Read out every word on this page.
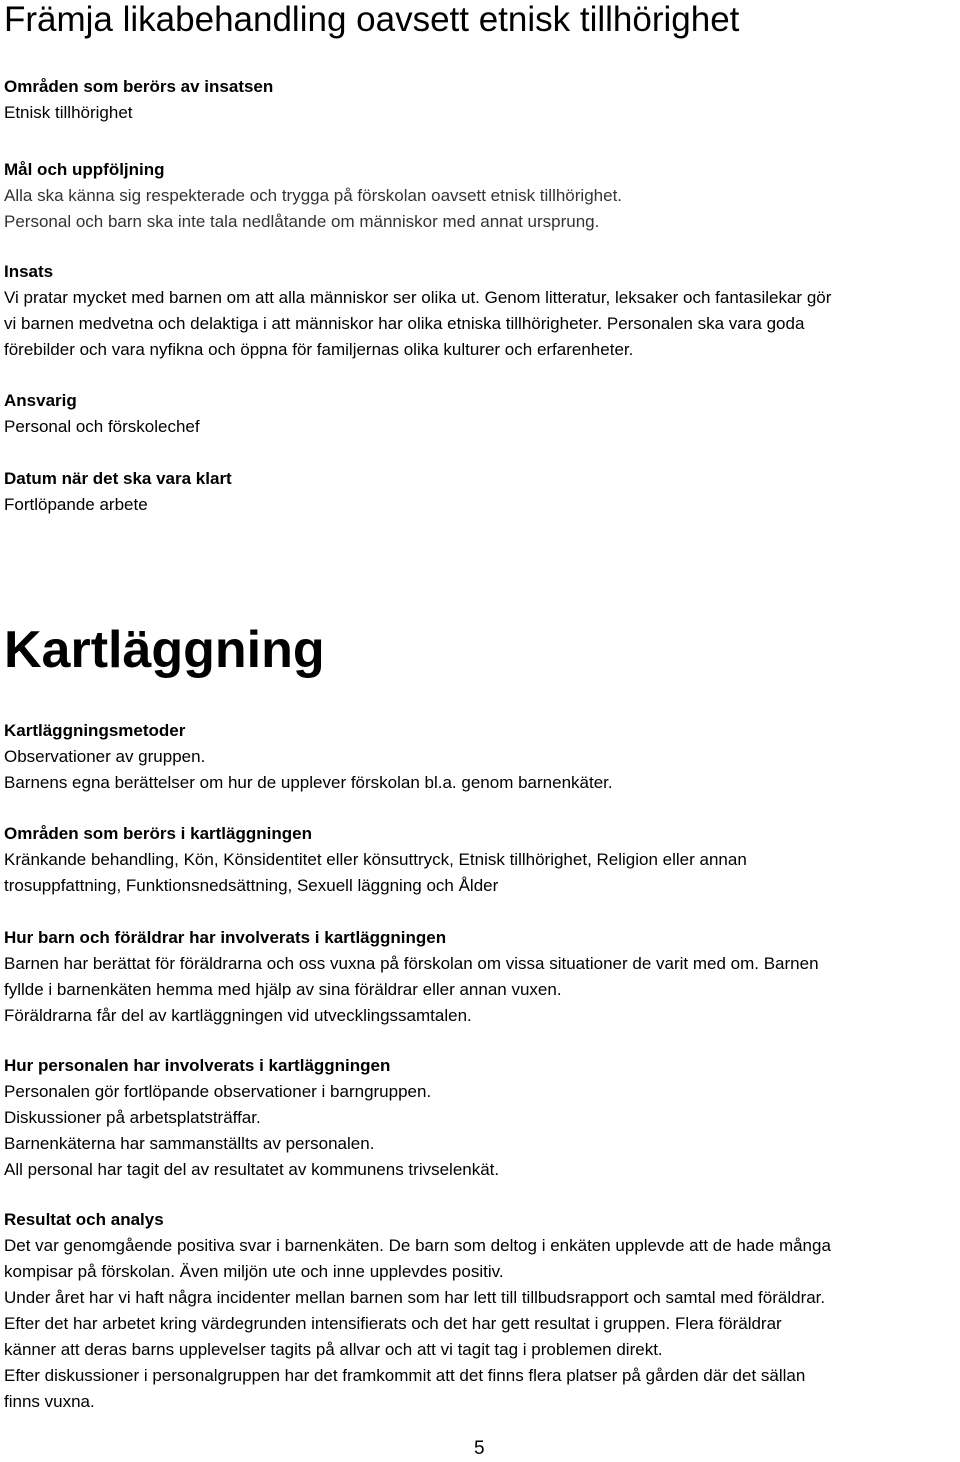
Främja likabehandling oavsett etnisk tillhörighet
Områden som berörs av insatsen
Etnisk tillhörighet
Mål och uppföljning
Alla ska känna sig respekterade och trygga på förskolan oavsett etnisk tillhörighet.
Personal och barn ska inte tala nedlåtande om människor med annat ursprung.
Insats
Vi pratar mycket med barnen om att alla människor ser olika ut. Genom litteratur, leksaker och fantasilekar gör
vi barnen medvetna och delaktiga i att människor har olika etniska tillhörigheter. Personalen ska vara goda
förebilder och vara nyfikna och öppna för familjernas olika kulturer och erfarenheter.
Ansvarig
Personal och förskolechef
Datum när det ska vara klart
Fortlöpande arbete
Kartläggning
Kartläggningsmetoder
Observationer av gruppen.
Barnens egna berättelser om hur de upplever förskolan bl.a. genom barnenkäter.
Områden som berörs i kartläggningen
Kränkande behandling, Kön, Könsidentitet eller könsuttryck, Etnisk tillhörighet, Religion eller annan
trosuppfattning, Funktionsnedsättning, Sexuell läggning och Ålder
Hur barn och föräldrar har involverats i kartläggningen
Barnen har berättat för föräldrarna och oss vuxna på förskolan om vissa situationer de varit med om. Barnen
fyllde i barnenkäten hemma med hjälp av sina föräldrar eller annan vuxen.
Föräldrarna får del av kartläggningen vid utvecklingssamtalen.
Hur personalen har involverats i kartläggningen
Personalen gör fortlöpande observationer i barngruppen.
Diskussioner på arbetsplatsträffar.
Barnenkäterna har sammanställts av personalen.
All personal har tagit del av resultatet av kommunens trivselenkät.
Resultat och analys
Det var genomgående positiva svar i barnenkäten. De barn som deltog i enkäten upplevde att de hade många
kompisar på förskolan. Även miljön ute och inne upplevdes positiv.
Under året har vi haft några incidenter mellan barnen som har lett till tillbudsrapport och samtal med föräldrar.
Efter det har arbetet kring värdegrunden intensifierats och det har gett resultat i gruppen. Flera föräldrar
känner att deras barns upplevelser tagits på allvar och att vi tagit tag i problemen direkt.
Efter diskussioner i personalgruppen har det framkommit att det finns flera platser på gården där det sällan
finns vuxna.
5
